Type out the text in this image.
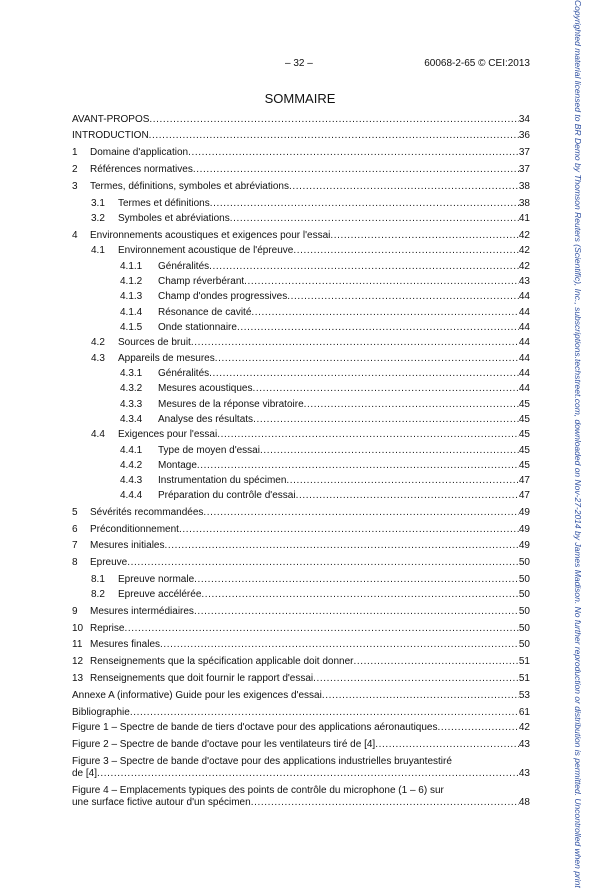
– 32 –	60068-2-65 © CEI:2013
SOMMAIRE
AVANT-PROPOS .....	34
INTRODUCTION .....	36
1	Domaine d'application .....	37
2	Références normatives .....	37
3	Termes, définitions, symboles et abréviations .....	38
3.1	Termes et définitions .....	38
3.2	Symboles et abréviations .....	41
4	Environnements acoustiques et exigences pour l'essai .....	42
4.1	Environnement acoustique de l'épreuve .....	42
4.1.1	Généralités .....	42
4.1.2	Champ réverbérant .....	43
4.1.3	Champ d'ondes progressives .....	44
4.1.4	Résonance de cavité .....	44
4.1.5	Onde stationnaire .....	44
4.2	Sources de bruit .....	44
4.3	Appareils de mesures .....	44
4.3.1	Généralités .....	44
4.3.2	Mesures acoustiques .....	44
4.3.3	Mesures de la réponse vibratoire .....	45
4.3.4	Analyse des résultats .....	45
4.4	Exigences pour l'essai .....	45
4.4.1	Type de moyen d'essai .....	45
4.4.2	Montage .....	45
4.4.3	Instrumentation du spécimen .....	47
4.4.4	Préparation du contrôle d'essai .....	47
5	Sévérités recommandées .....	49
6	Préconditionnement .....	49
7	Mesures initiales .....	49
8	Epreuve .....	50
8.1	Epreuve normale .....	50
8.2	Epreuve accélérée .....	50
9	Mesures intermédiaires .....	50
10 Reprise .....	50
11 Mesures finales .....	50
12 Renseignements que la spécification applicable doit donner .....	51
13 Renseignements que doit fournir le rapport d'essai .....	51
Annexe A (informative) Guide pour les exigences d'essai .....	53
Bibliographie .....	61
Figure 1 – Spectre de bande de tiers d'octave pour des applications aéronautiques .....	42
Figure 2 – Spectre de bande d'octave pour les ventilateurs tiré de [4] .....	43
Figure 3 – Spectre de bande d'octave pour des applications industrielles bruyantestiré
de [4] .....	43
Figure 4 – Emplacements typiques des points de contrôle du microphone (1 – 6) sur
une surface fictive autour d'un spécimen .....	48	Copyrighted material licensed to BR Demo by Thomson Reuters (Scientific), Inc., subscriptions.techstreet.com, downloaded on Nov-27-2014 by James Madison. No further reproduction or distribution is permitted. Uncontrolled when print
